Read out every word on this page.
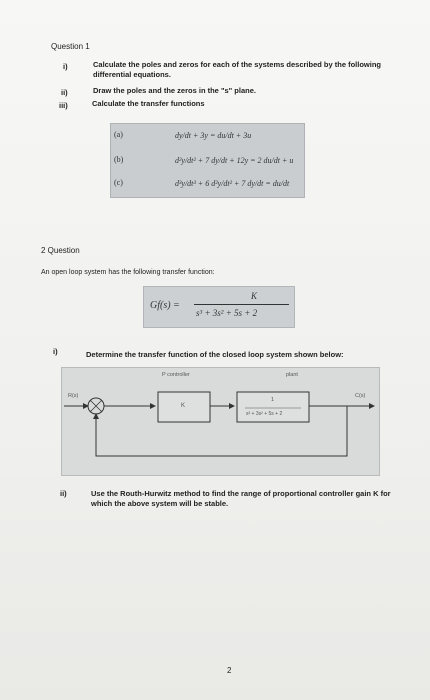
Question 1
i)	Calculate the poles and zeros for each of the systems described by the following differential equations.
ii)	Draw the poles and the zeros in the "s" plane.
iii)	Calculate the transfer functions
(a)	dy/dt + 3y = du/dt + 3u
(b)	d²y/dt² + 7 dy/dt + 12y = 2 du/dt + u
(c)	d³y/dt³ + 6 d²y/dt² + 7 dy/dt = du/dt
2 Question
An open loop system has the following transfer function:
Gf(s) =
K
s³ + 3s² + 5s + 2
i)	Determine the transfer function of the closed loop system shown below:
R(s)
P controller
K
plant
1
s³ + 3s² + 5s + 2
C(s)
ii)	Use the Routh-Hurwitz method to find the range of proportional controller gain K for which the above system will be stable.
2
